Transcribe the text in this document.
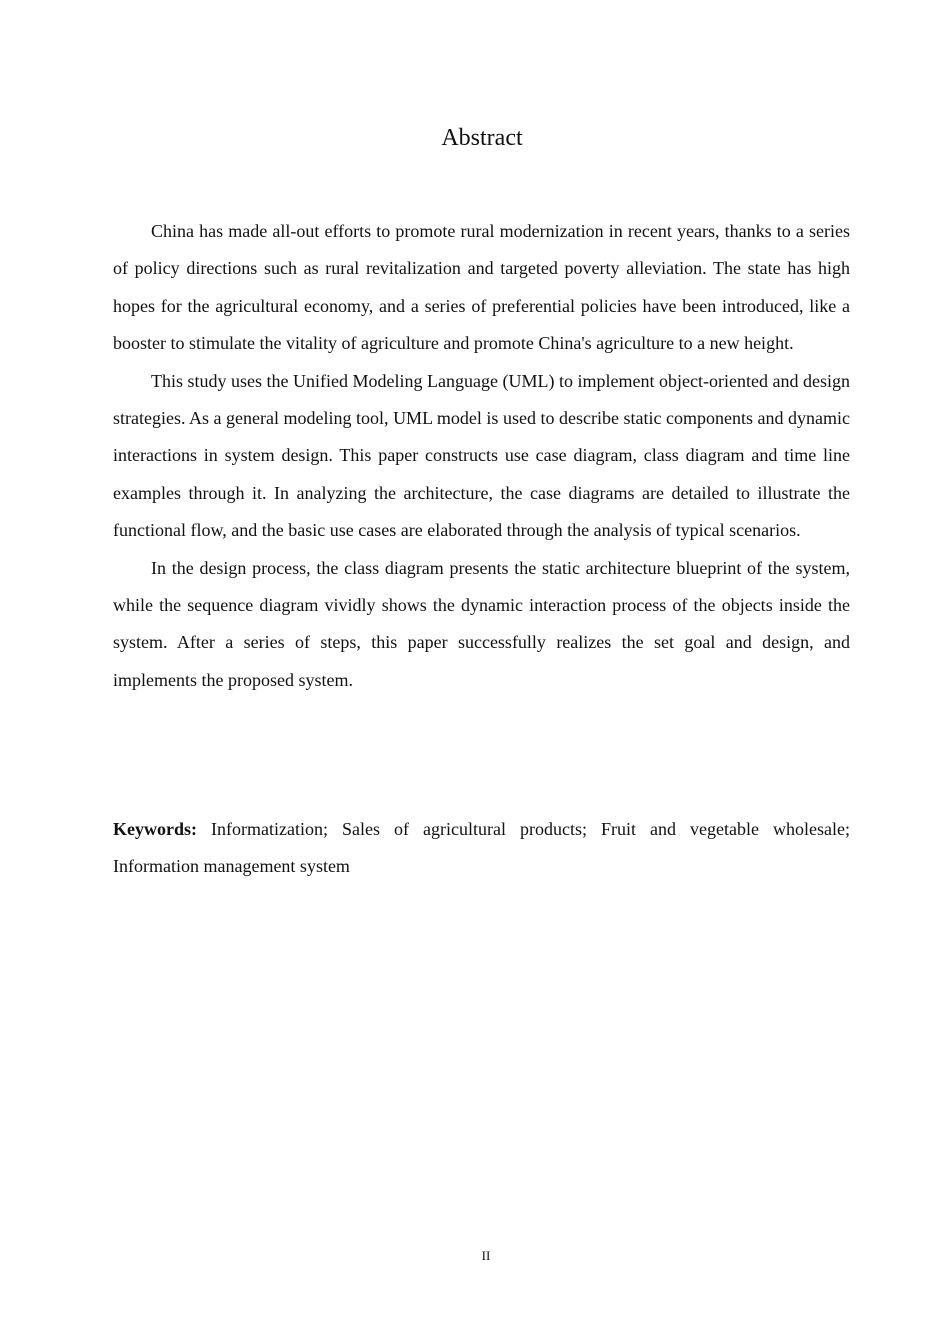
Abstract

China has made all-out efforts to promote rural modernization in recent years, thanks to a series of policy directions such as rural revitalization and targeted poverty alleviation. The state has high hopes for the agricultural economy, and a series of preferential policies have been introduced, like a booster to stimulate the vitality of agriculture and promote China's agriculture to a new height.

This study uses the Unified Modeling Language (UML) to implement object-oriented and design strategies. As a general modeling tool, UML model is used to describe static components and dynamic interactions in system design. This paper constructs use case diagram, class diagram and time line examples through it. In analyzing the architecture, the case diagrams are detailed to illustrate the functional flow, and the basic use cases are elaborated through the analysis of typical scenarios.

In the design process, the class diagram presents the static architecture blueprint of the system, while the sequence diagram vividly shows the dynamic interaction process of the objects inside the system. After a series of steps, this paper successfully realizes the set goal and design, and implements the proposed system.

Keywords: Informatization; Sales of agricultural products; Fruit and vegetable wholesale; Information management system
II
